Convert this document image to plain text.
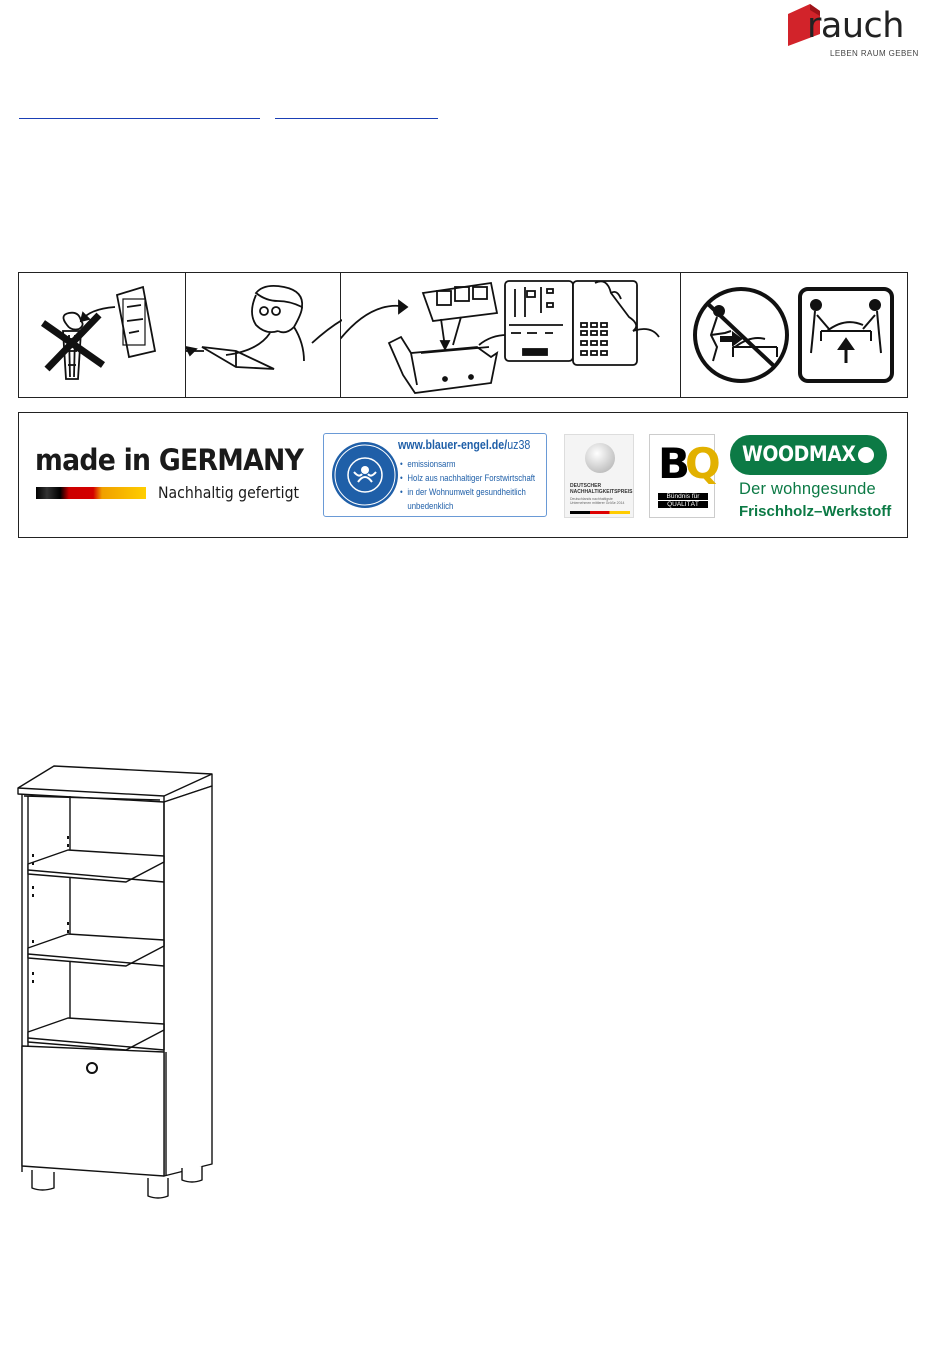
rauch
LEBEN RAUM GEBEN
made in GERMANY
Nachhaltig gefertigt
www.blauer-engel.de/uz38
• emissionsarm
• Holz aus nachhaltiger Forstwirtschaft
• in der Wohnumwelt gesundheitlich
unbedenklich
DEUTSCHER
NACHHALTIGKEITSPREIS
Deutschlands nachhaltigste Unternehmen mittlerer Größe 2014
BQ
Bündnis für
QUALITÄT
WOODMAX
Der wohngesunde
Frischholz–Werkstoff
